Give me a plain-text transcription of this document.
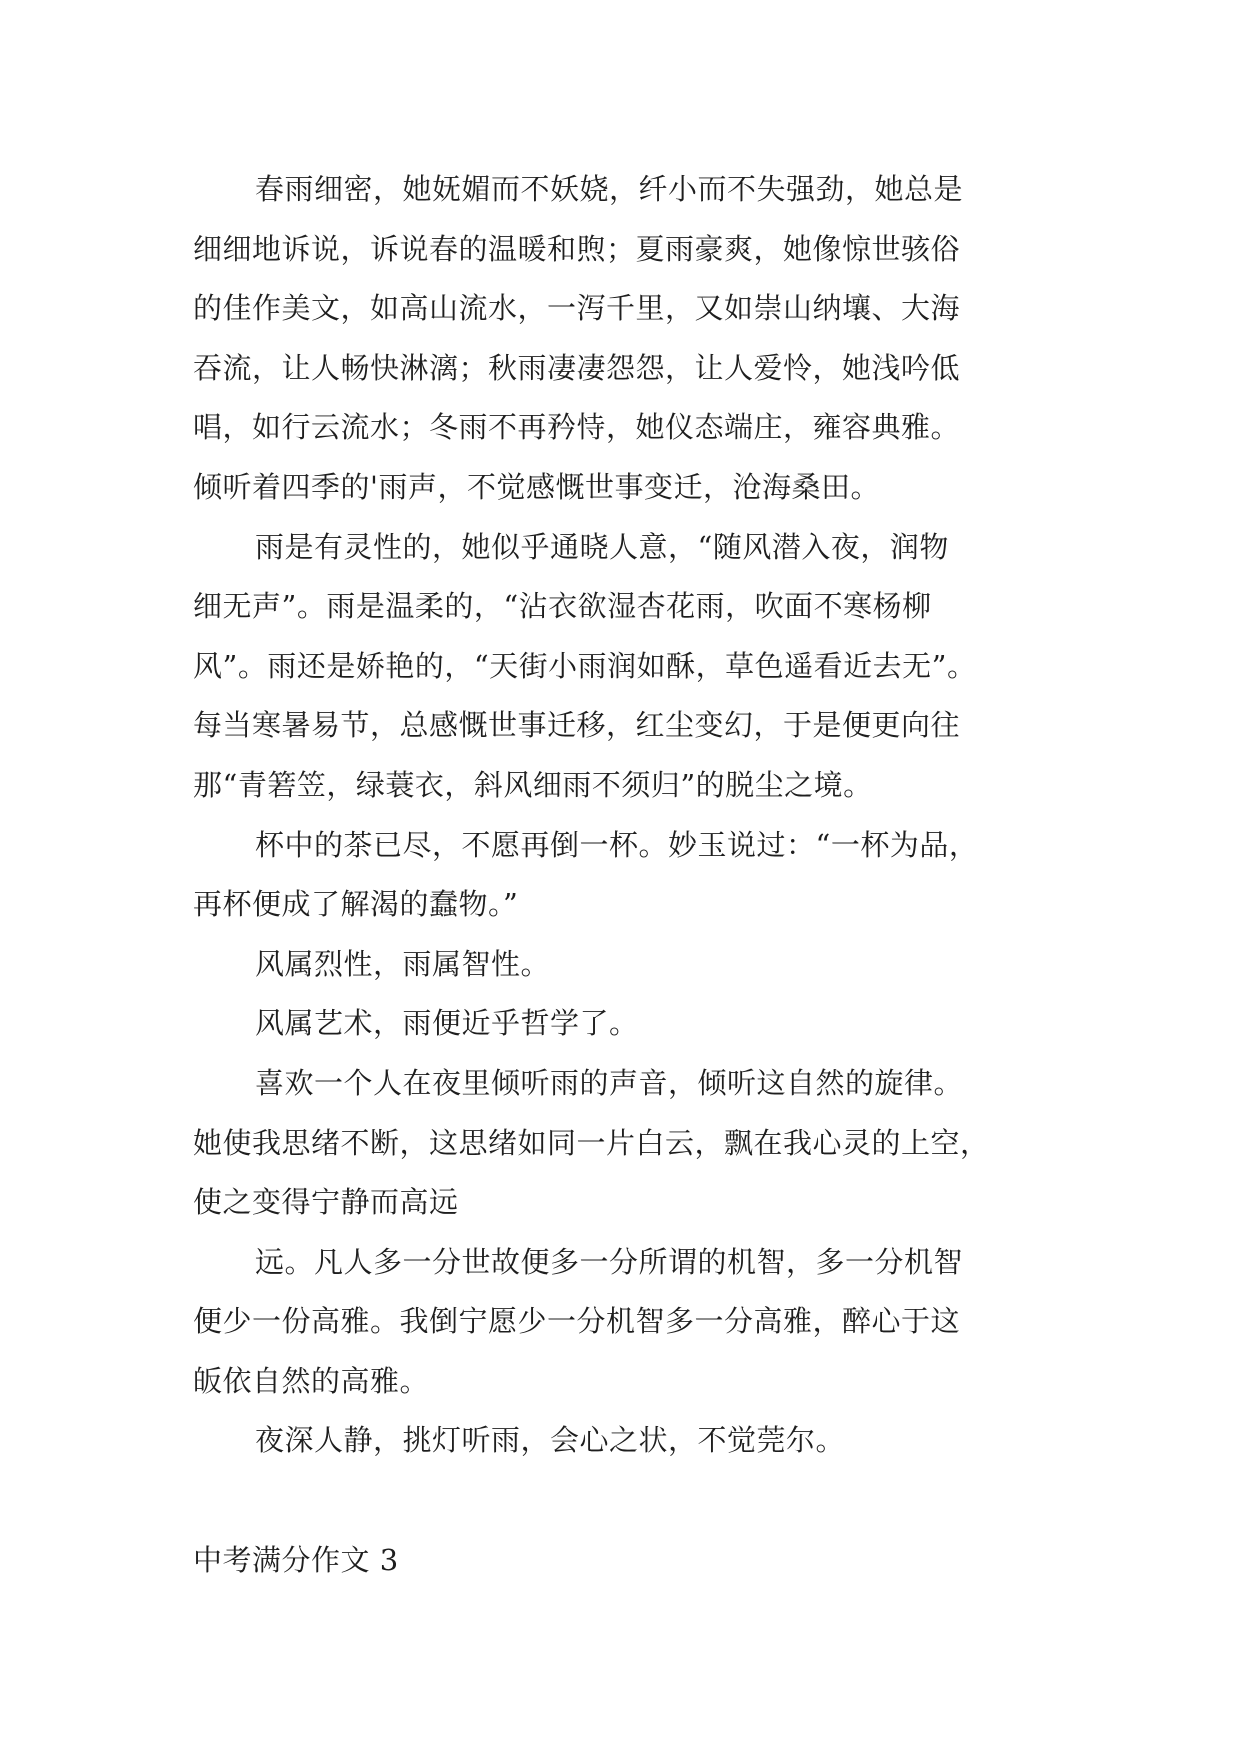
春雨细密，她妩媚而不妖娆，纤小而不失强劲，她总是
细细地诉说，诉说春的温暖和煦；夏雨豪爽，她像惊世骇俗
的佳作美文，如高山流水，一泻千里，又如崇山纳壤、大海
吞流，让人畅快淋漓；秋雨凄凄怨怨，让人爱怜，她浅吟低
唱，如行云流水；冬雨不再矜恃，她仪态端庄，雍容典雅。
倾听着四季的'雨声，不觉感慨世事变迁，沧海桑田。

雨是有灵性的，她似乎通晓人意，“随风潜入夜，润物
细无声”。雨是温柔的，“沾衣欲湿杏花雨，吹面不寒杨柳
风”。雨还是娇艳的，“天街小雨润如酥，草色遥看近去无”。
每当寒暑易节，总感慨世事迁移，红尘变幻，于是便更向往
那“青箬笠，绿蓑衣，斜风细雨不须归”的脱尘之境。

杯中的茶已尽，不愿再倒一杯。妙玉说过：“一杯为品，
再杯便成了解渴的蠢物。”

风属烈性，雨属智性。

风属艺术，雨便近乎哲学了。

喜欢一个人在夜里倾听雨的声音，倾听这自然的旋律。
她使我思绪不断，这思绪如同一片白云，飘在我心灵的上空，
使之变得宁静而高远

远。凡人多一分世故便多一分所谓的机智，多一分机智
便少一份高雅。我倒宁愿少一分机智多一分高雅，醉心于这
皈依自然的高雅。

夜深人静，挑灯听雨，会心之状，不觉莞尔。

中考满分作文 3
